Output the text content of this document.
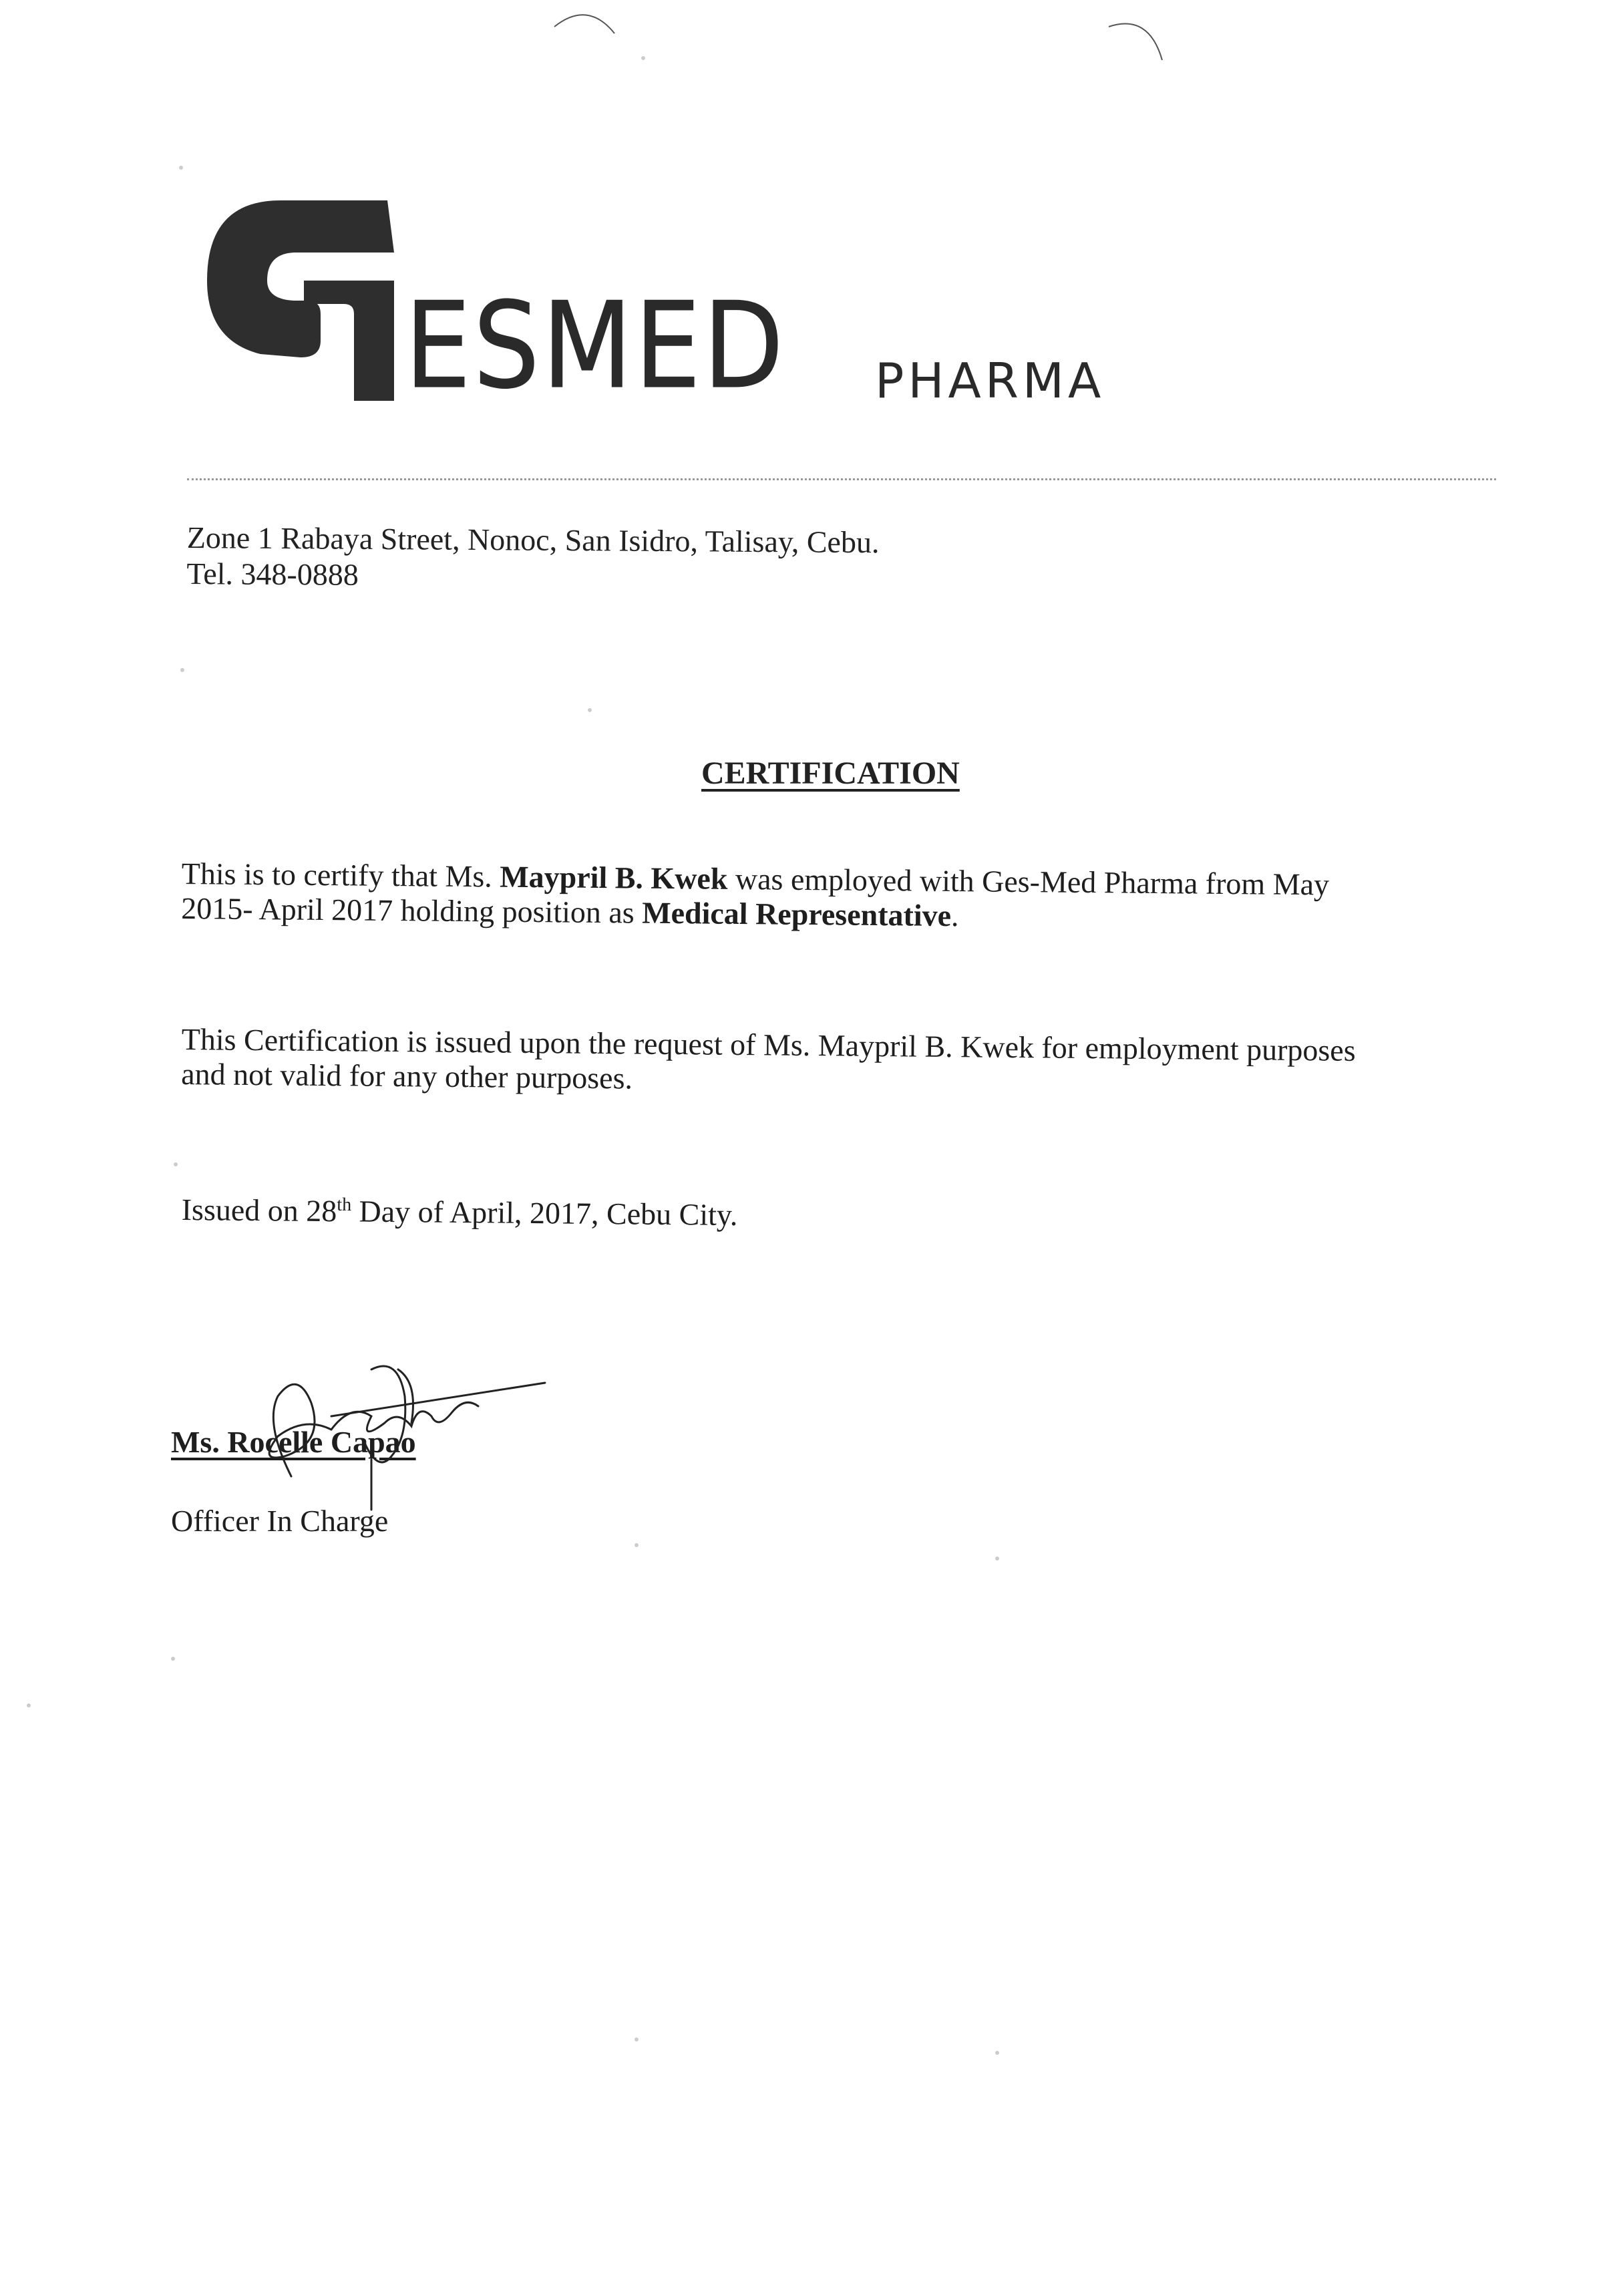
ESMED PHARMA
Zone 1 Rabaya Street, Nonoc, San Isidro, Talisay, Cebu.
Tel. 348-0888
CERTIFICATION
This is to certify that Ms. Maypril B. Kwek was employed with Ges-Med Pharma from May
2015- April 2017 holding position as Medical Representative.
This Certification is issued upon the request of Ms. Maypril B. Kwek for employment purposes
and not valid for any other purposes.
Issued on 28th Day of April, 2017, Cebu City.
Ms. Rocelle Capao
Officer In Charge
